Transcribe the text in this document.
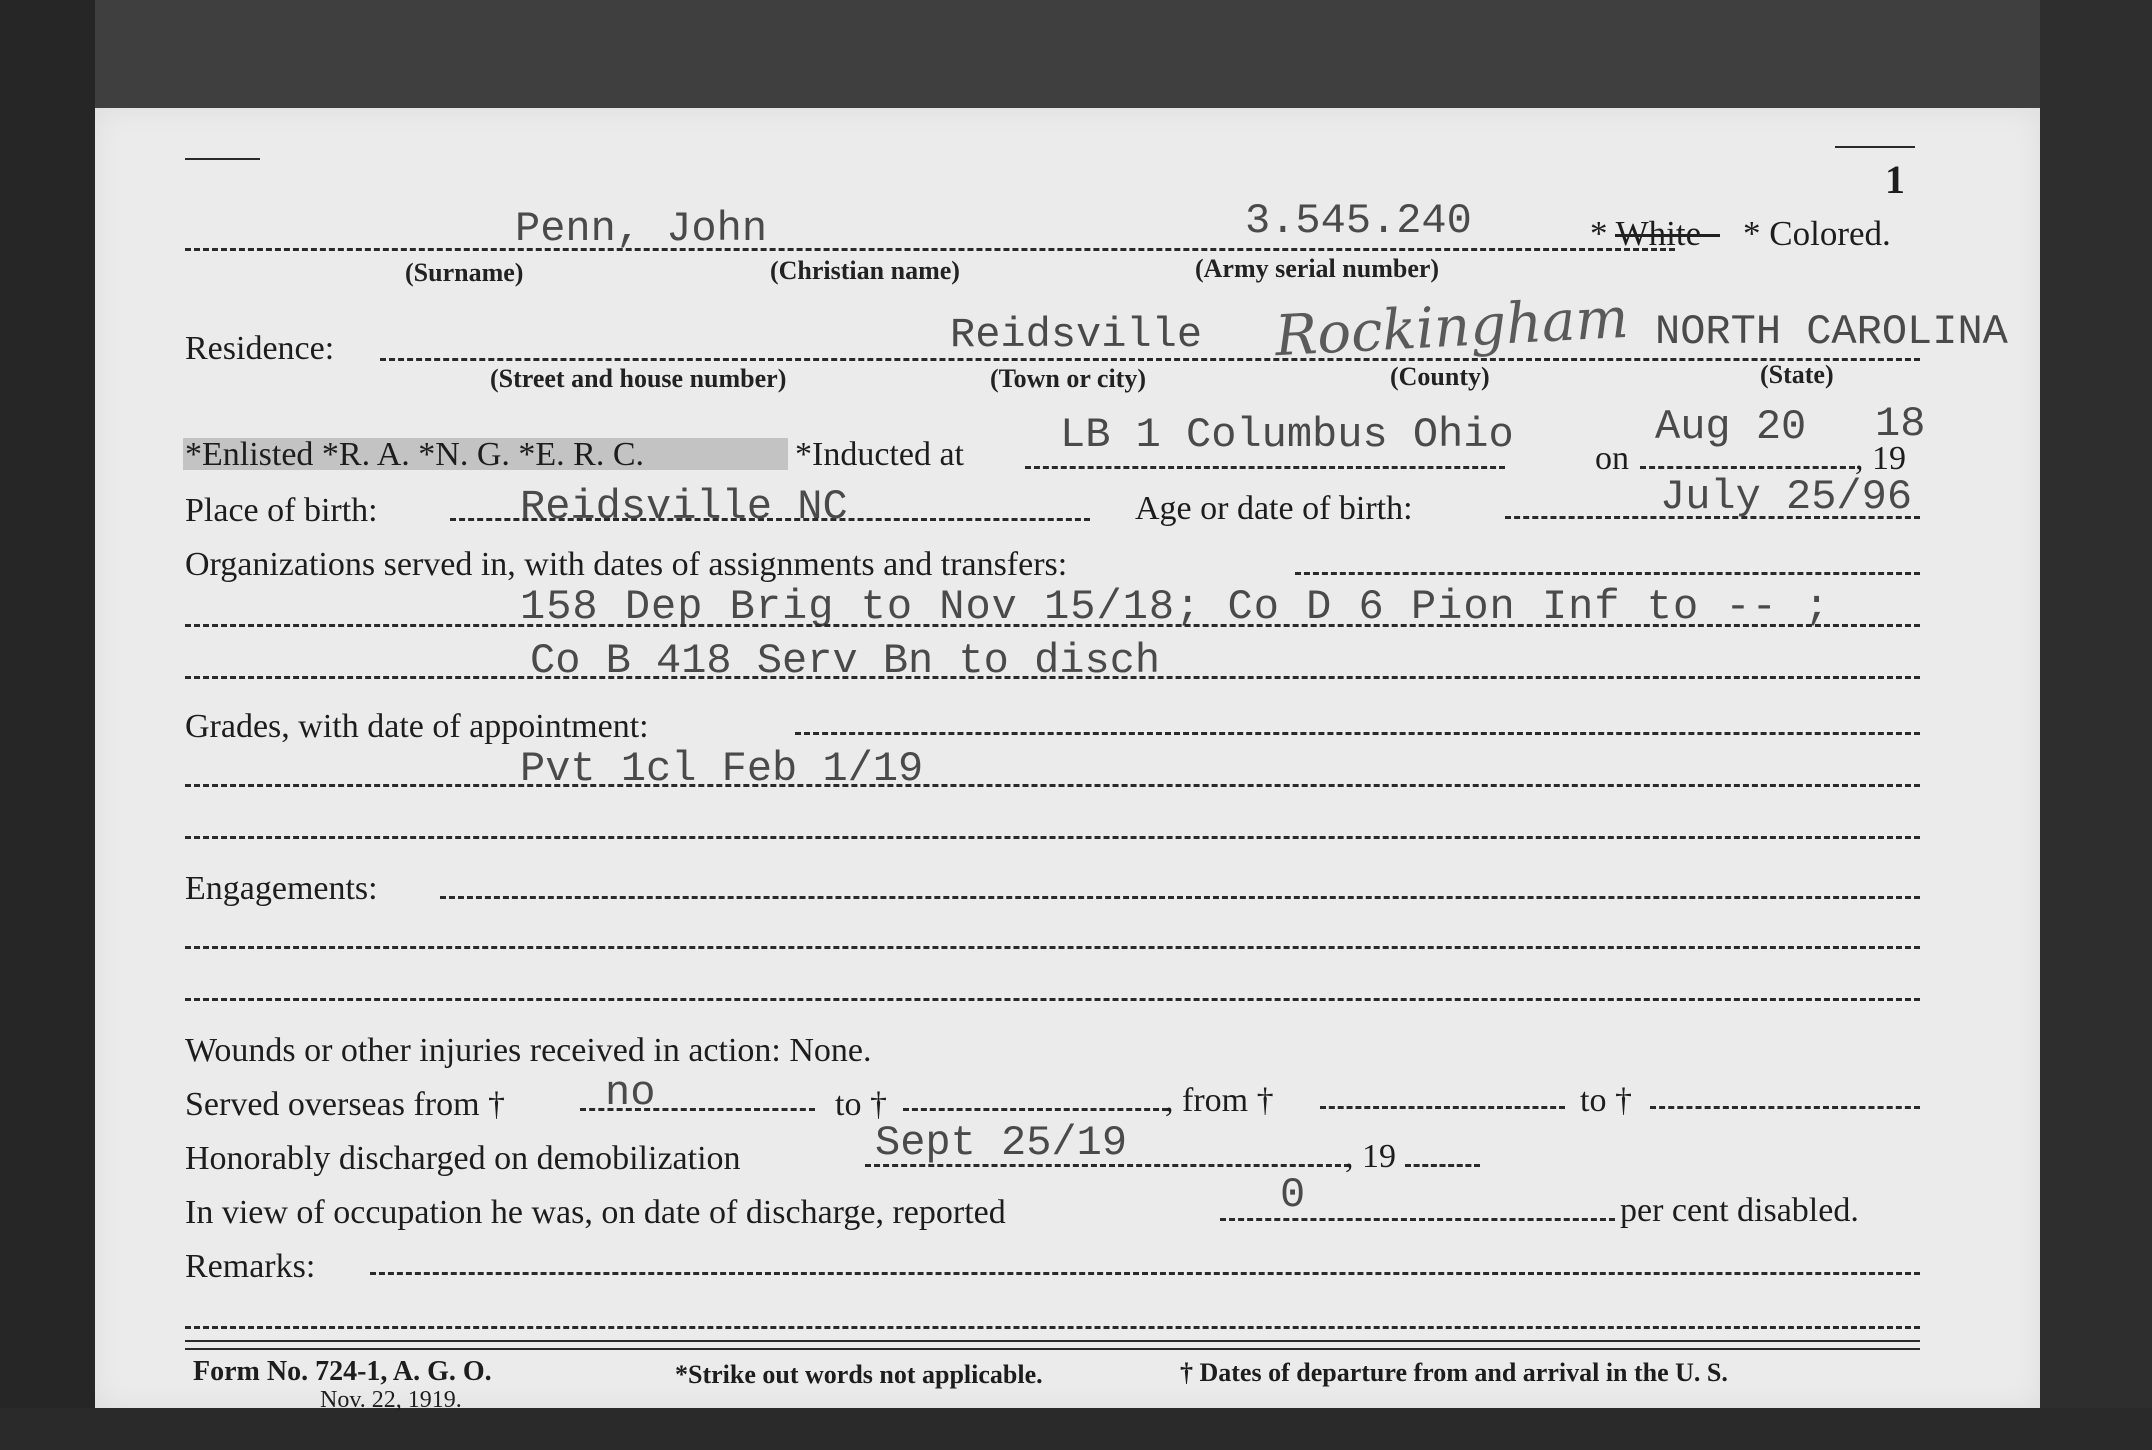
1
Penn, John	3.545.240	* White * Colored.
(Surname)	(Christian name)	(Army serial number)
Residence:	Reidsville Rockingham NORTH CAROLINA
(Street and house number)	(Town or city)	(County)	(State)
*Enlisted *R. A. *N. G. *E. R. C.	*Inducted at LB 1 Columbus Ohio on
Aug 20
, 19
18
Place of birth:	Reidsville NC	Age or date of birth:	July 25/96
Organizations served in, with dates of assignments and transfers:
158 Dep Brig to Nov 15/18; Co D 6 Pion Inf to -- ;
Co B 418 Serv Bn to disch
Grades, with date of appointment:
Pvt 1cl Feb 1/19
Engagements:
Wounds or other injuries received in action: None.
Served overseas from † no	to †	, from †	to †
Honorably discharged on demobilization	Sept 25/19	, 19
In view of occupation he was, on date of discharge, reported	0	per cent disabled.
Remarks:
Form No. 724-1, A. G. O.
Nov. 22, 1919.
*Strike out words not applicable.	† Dates of departure from and arrival in the U. S.
